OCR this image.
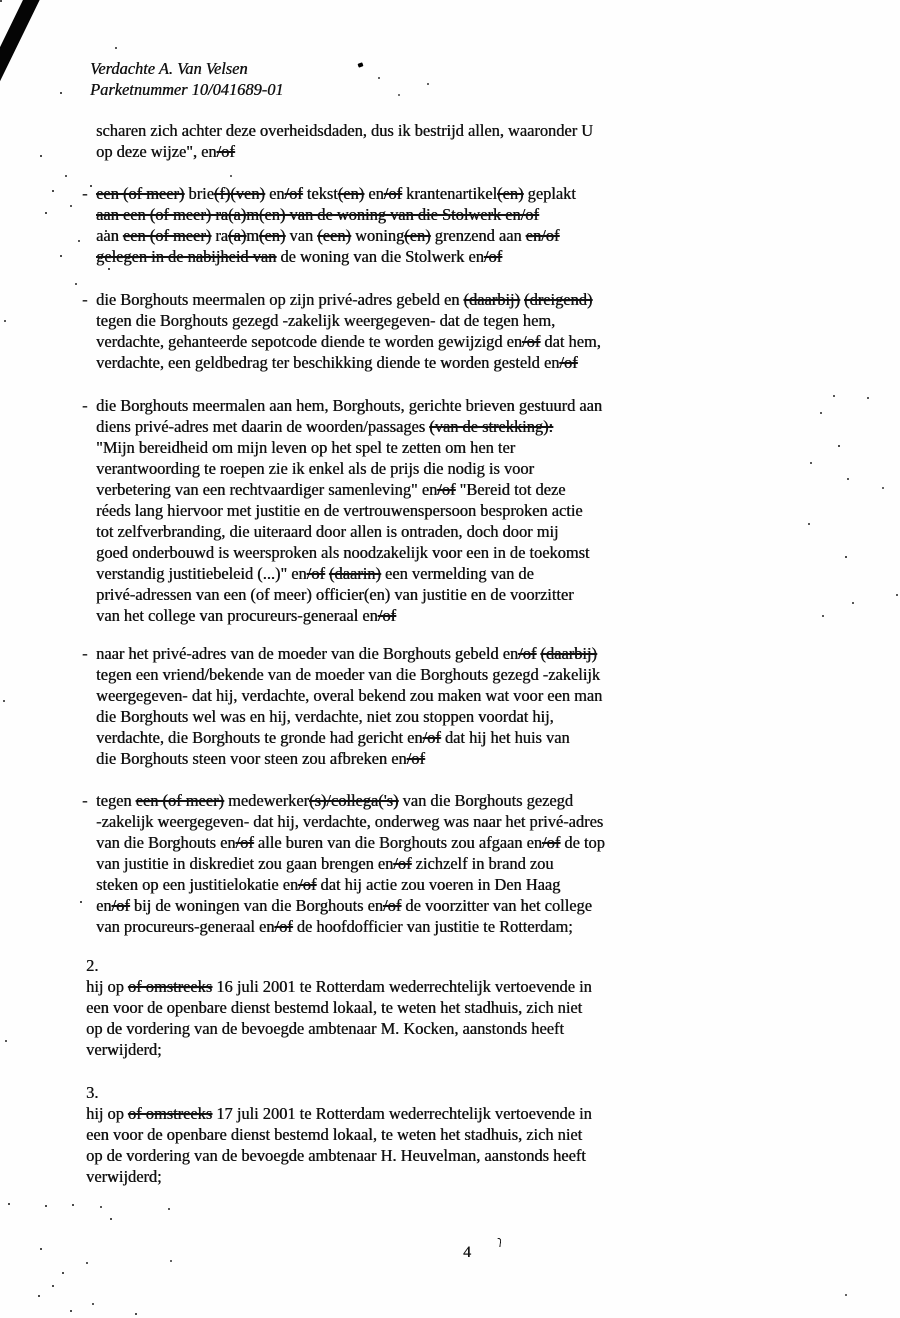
Verdachte A. Van Velsen
Parketnummer 10/041689-01
scharen zich achter deze overheidsdaden, dus ik bestrijd allen, waaronder U
op deze wijze", en/of
- een (of meer) brie(f)(ven) en/of tekst(en) en/of krantenartikel(en) geplakt
aan een (of meer) ra(a)m(en) van de woning van die Stolwerk en/of
aan een (of meer) ra(a)m(en) van (een) woning(en) grenzend aan en/of
gelegen in de nabijheid van de woning van die Stolwerk en/of
- die Borghouts meermalen op zijn privé-adres gebeld en (daarbij) (dreigend)
tegen die Borghouts gezegd -zakelijk weergegeven- dat de tegen hem,
verdachte, gehanteerde sepotcode diende te worden gewijzigd en/of dat hem,
verdachte, een geldbedrag ter beschikking diende te worden gesteld en/of
- die Borghouts meermalen aan hem, Borghouts, gerichte brieven gestuurd aan
diens privé-adres met daarin de woorden/passages (van de strekking):
"Mijn bereidheid om mijn leven op het spel te zetten om hen ter
verantwoording te roepen zie ik enkel als de prijs die nodig is voor
verbetering van een rechtvaardiger samenleving" en/of "Bereid tot deze
réeds lang hiervoor met justitie en de vertrouwenspersoon besproken actie
tot zelfverbranding, die uiteraard door allen is ontraden, doch door mij
goed onderbouwd is weersproken als noodzakelijk voor een in de toekomst
verstandig justitiebeleid (...)" en/of (daarin) een vermelding van de
privé-adressen van een (of meer) officier(en) van justitie en de voorzitter
van het college van procureurs-generaal en/of
- naar het privé-adres van de moeder van die Borghouts gebeld en/of (daarbij)
tegen een vriend/bekende van de moeder van die Borghouts gezegd -zakelijk
weergegeven- dat hij, verdachte, overal bekend zou maken wat voor een man
die Borghouts wel was en hij, verdachte, niet zou stoppen voordat hij,
verdachte, die Borghouts te gronde had gericht en/of dat hij het huis van
die Borghouts steen voor steen zou afbreken en/of
- tegen een (of meer) medewerker(s)/collega('s) van die Borghouts gezegd
-zakelijk weergegeven- dat hij, verdachte, onderweg was naar het privé-adres
van die Borghouts en/of alle buren van die Borghouts zou afgaan en/of de top
van justitie in diskrediet zou gaan brengen en/of zichzelf in brand zou
steken op een justitielokatie en/of dat hij actie zou voeren in Den Haag
en/of bij de woningen van die Borghouts en/of de voorzitter van het college
van procureurs-generaal en/of de hoofdofficier van justitie te Rotterdam;
2.
hij op of omstreeks 16 juli 2001 te Rotterdam wederrechtelijk vertoevende in
een voor de openbare dienst bestemd lokaal, te weten het stadhuis, zich niet
op de vordering van de bevoegde ambtenaar M. Kocken, aanstonds heeft
verwijderd;
3.
hij op of omstreeks 17 juli 2001 te Rotterdam wederrechtelijk vertoevende in
een voor de openbare dienst bestemd lokaal, te weten het stadhuis, zich niet
op de vordering van de bevoegde ambtenaar H. Heuvelman, aanstonds heeft
verwijderd;
4
